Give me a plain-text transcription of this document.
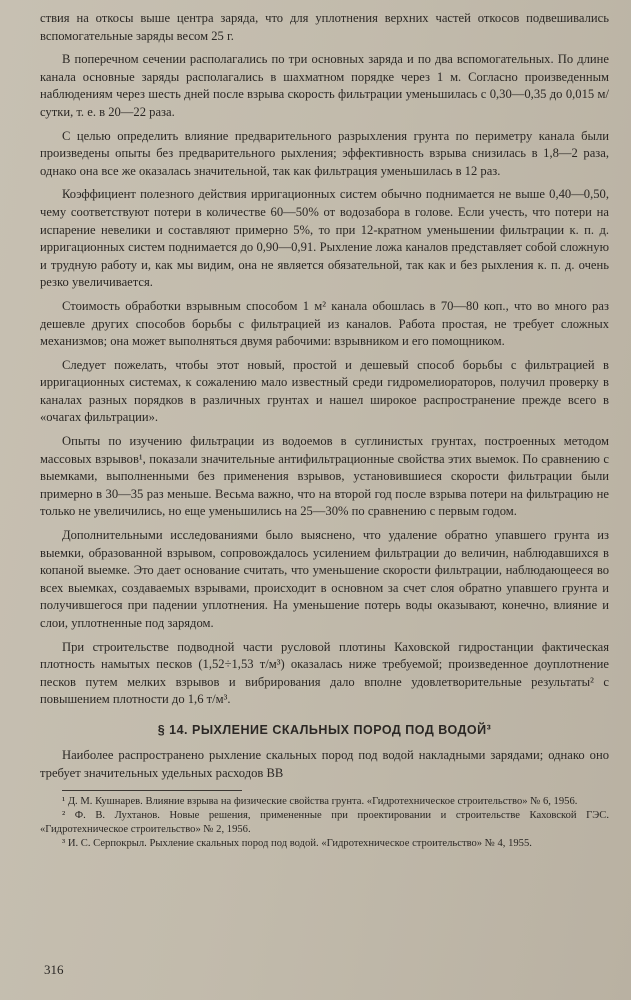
ствия на откосы выше центра заряда, что для уплотнения верхних частей откосов подвешивались вспомогательные заряды весом 25 г.

В поперечном сечении располагались по три основных заряда и по два вспомогательных. По длине канала основные заряды располагались в шахматном порядке через 1 м. Согласно произведенным наблюдениям через шесть дней после взрыва скорость фильтрации уменьшилась с 0,30—0,35 до 0,015 м/сутки, т. е. в 20—22 раза.

С целью определить влияние предварительного разрыхления грунта по периметру канала были произведены опыты без предварительного рыхления; эффективность взрыва снизилась в 1,8—2 раза, однако она все же оказалась значительной, так как фильтрация уменьшилась в 12 раз.

Коэффициент полезного действия ирригационных систем обычно поднимается не выше 0,40—0,50, чему соответствуют потери в количестве 60—50% от водозабора в голове. Если учесть, что потери на испарение невелики и составляют примерно 5%, то при 12-кратном уменьшении фильтрации к. п. д. ирригационных систем поднимается до 0,90—0,91. Рыхление ложа каналов представляет собой сложную и трудную работу и, как мы видим, она не является обязательной, так как и без рыхления к. п. д. очень резко увеличивается.

Стоимость обработки взрывным способом 1 м² канала обошлась в 70—80 коп., что во много раз дешевле других способов борьбы с фильтрацией из каналов. Работа простая, не требует сложных механизмов; она может выполняться двумя рабочими: взрывником и его помощником.

Следует пожелать, чтобы этот новый, простой и дешевый способ борьбы с фильтрацией в ирригационных системах, к сожалению мало известный среди гидромелиораторов, получил проверку в каналах разных порядков в различных грунтах и нашел широкое распространение прежде всего в «очагах фильтрации».

Опыты по изучению фильтрации из водоемов в суглинистых грунтах, построенных методом массовых взрывов¹, показали значительные антифильтрационные свойства этих выемок. По сравнению с выемками, выполненными без применения взрывов, установившиеся скорости фильтрации были примерно в 30—35 раз меньше. Весьма важно, что на второй год после взрыва потери на фильтрацию не только не увеличились, но еще уменьшились на 25—30% по сравнению с первым годом.

Дополнительными исследованиями было выяснено, что удаление обратно упавшего грунта из выемки, образованной взрывом, сопровождалось усилением фильтрации до величин, наблюдавшихся в копаной выемке. Это дает основание считать, что уменьшение скорости фильтрации, наблюдающееся во всех выемках, создаваемых взрывами, происходит в основном за счет слоя обратно упавшего грунта и получившегося при падении уплотнения. На уменьшение потерь воды оказывают, конечно, влияние и слои, уплотненные под зарядом.

При строительстве подводной части русловой плотины Каховской гидростанции фактическая плотность намытых песков (1,52÷1,53 т/м³) оказалась ниже требуемой; произведенное доуплотнение песков путем мелких взрывов и вибрирования дало вполне удовлетворительные результаты² с повышением плотности до 1,6 т/м³.

§ 14. РЫХЛЕНИЕ СКАЛЬНЫХ ПОРОД ПОД ВОДОЙ³

Наиболее распространено рыхление скальных пород под водой накладными зарядами; однако оно требует значительных удельных расходов ВВ

¹ Д. М. Кушнарев. Влияние взрыва на физические свойства грунта. «Гидротехническое строительство» № 6, 1956.

² Ф. В. Лухтанов. Новые решения, примененные при проектировании и строительстве Каховской ГЭС. «Гидротехническое строительство» № 2, 1956.

³ И. С. Серпокрыл. Рыхление скальных пород под водой. «Гидротехническое строительство» № 4, 1955.

316
